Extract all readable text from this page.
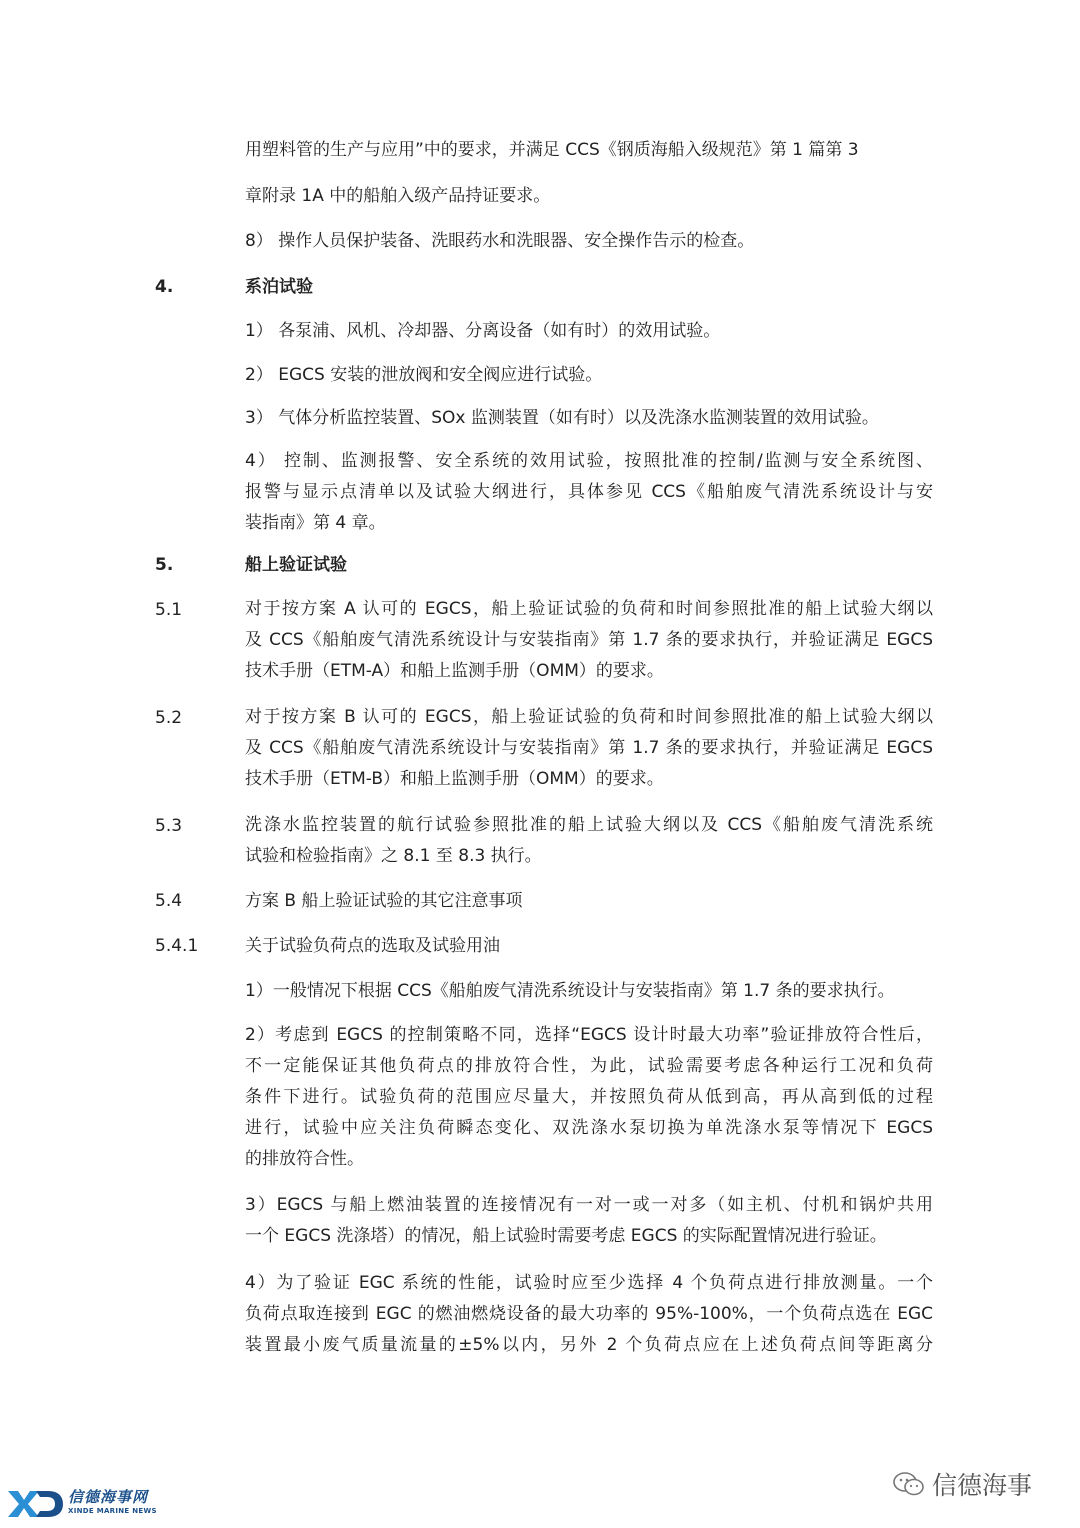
用塑料管的生产与应用”中的要求，并满足 CCS《钢质海船入级规范》第 1 篇第 3
章附录 1A 中的船舶入级产品持证要求。
8） 操作人员保护装备、洗眼药水和洗眼器、安全操作告示的检查。
4.	系泊试验
1） 各泵浦、风机、冷却器、分离设备（如有时）的效用试验。
2） EGCS 安装的泄放阀和安全阀应进行试验。
3） 气体分析监控装置、SOx 监测装置（如有时）以及洗涤水监测装置的效用试验。
4） 控制、监测报警、安全系统的效用试验，按照批准的控制/监测与安全系统图、
报警与显示点清单以及试验大纲进行，具体参见 CCS《船舶废气清洗系统设计与安
装指南》第 4 章。
5.	船上验证试验
5.1	对于按方案 A 认可的 EGCS，船上验证试验的负荷和时间参照批准的船上试验大纲以
及 CCS《船舶废气清洗系统设计与安装指南》第 1.7 条的要求执行，并验证满足 EGCS
技术手册（ETM-A）和船上监测手册（OMM）的要求。
5.2	对于按方案 B 认可的 EGCS，船上验证试验的负荷和时间参照批准的船上试验大纲以
及 CCS《船舶废气清洗系统设计与安装指南》第 1.7 条的要求执行，并验证满足 EGCS
技术手册（ETM-B）和船上监测手册（OMM）的要求。
5.3	洗涤水监控装置的航行试验参照批准的船上试验大纲以及 CCS《船舶废气清洗系统
试验和检验指南》之 8.1 至 8.3 执行。
5.4	方案 B 船上验证试验的其它注意事项
5.4.1	关于试验负荷点的选取及试验用油
1）一般情况下根据 CCS《船舶废气清洗系统设计与安装指南》第 1.7 条的要求执行。
2）考虑到 EGCS 的控制策略不同，选择“EGCS 设计时最大功率”验证排放符合性后，
不一定能保证其他负荷点的排放符合性，为此，试验需要考虑各种运行工况和负荷
条件下进行。试验负荷的范围应尽量大，并按照负荷从低到高，再从高到低的过程
进行，试验中应关注负荷瞬态变化、双洗涤水泵切换为单洗涤水泵等情况下 EGCS
的排放符合性。
3）EGCS 与船上燃油装置的连接情况有一对一或一对多（如主机、付机和锅炉共用
一个 EGCS 洗涤塔）的情况，船上试验时需要考虑 EGCS 的实际配置情况进行验证。
4）为了验证 EGC 系统的性能，试验时应至少选择 4 个负荷点进行排放测量。一个
负荷点取连接到 EGC 的燃油燃烧设备的最大功率的 95%-100%，一个负荷点选在 EGC
装置最小废气质量流量的±5%以内，另外 2 个负荷点应在上述负荷点间等距离分
信德海事网
XINDE MARINE NEWS
信德海事
